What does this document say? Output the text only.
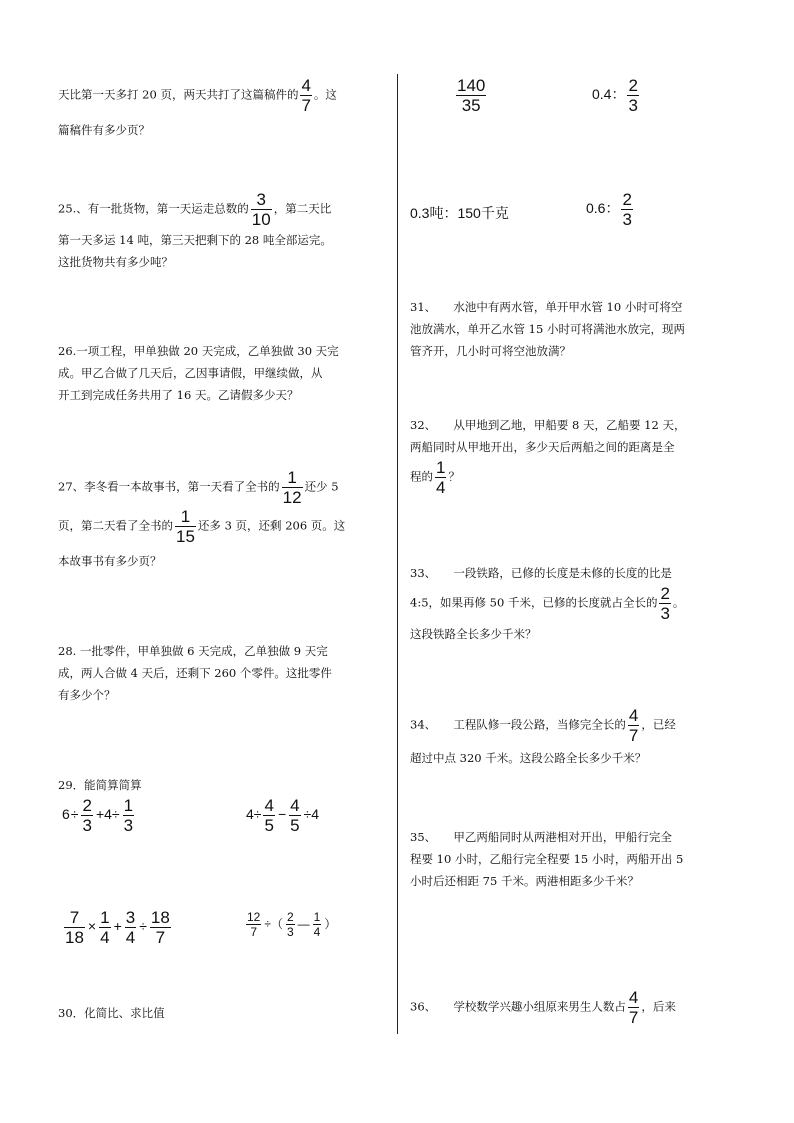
天比第一天多打 20 页，两天共打了这篇稿件的 $\frac{4}{7}$ 。这
篇稿件有多少页？
25.、有一批货物，第一天运走总数的 $\frac{3}{10}$ ，第二天比
第一天多运 14 吨，第三天把剩下的 28 吨全部运完。
这批货物共有多少吨？
26.一项工程，甲单独做 20 天完成，乙单独做 30 天完
成。甲乙合做了几天后，乙因事请假，甲继续做，从
开工到完成任务共用了 16 天。乙请假多少天？
27、李冬看一本故事书，第一天看了全书的 $\frac{1}{12}$ 还少 5
页，第二天看了全书的 $\frac{1}{15}$ 还多 3 页，还剩 206 页。这
本故事书有多少页？
28. 一批零件，甲单独做 6 天完成，乙单独做 9 天完
成，两人合做 4 天后，还剩下 260 个零件。这批零件
有多少个？
29．能简算简算
$6\div \frac{2}{3} +4\div \frac{1}{3}$	$4\div \frac{4}{5} - \frac{4}{5} \div 4$
$\frac{7}{18} \times \frac{1}{4} + \frac{3}{4} \div \frac{18}{7}$	$\frac{12}{7}$ ÷（ $\frac{2}{3}$ — $\frac{1}{4}$ ）
30．化简比、求比值
$\frac{140}{35}$	0.4： $\frac{2}{3}$
0.3吨：150千克	0.6： $\frac{2}{3}$
31、　　水池中有两水管，单开甲水管 10 小时可将空
池放满水，单开乙水管 15 小时可将满池水放完，现两
管齐开，几小时可将空池放满？
32、　　从甲地到乙地，甲船要 8 天，乙船要 12 天，
两船同时从甲地开出，多少天后两船之间的距离是全
程的 $\frac{1}{4}$ ？
33、　　一段铁路，已修的长度是未修的长度的比是
4:5，如果再修 50 千米，已修的长度就占全长的 $\frac{2}{3}$ 。
这段铁路全长多少千米？
34、　　工程队修一段公路，当修完全长的 $\frac{4}{7}$ ，已经
超过中点 320 千米。这段公路全长多少千米？
35、　　甲乙两船同时从两港相对开出，甲船行完全
程要 10 小时，乙船行完全程要 15 小时，两船开出 5
小时后还相距 75 千米。两港相距多少千米？
36、　　学校数学兴趣小组原来男生人数占 $\frac{4}{7}$ ，后来
